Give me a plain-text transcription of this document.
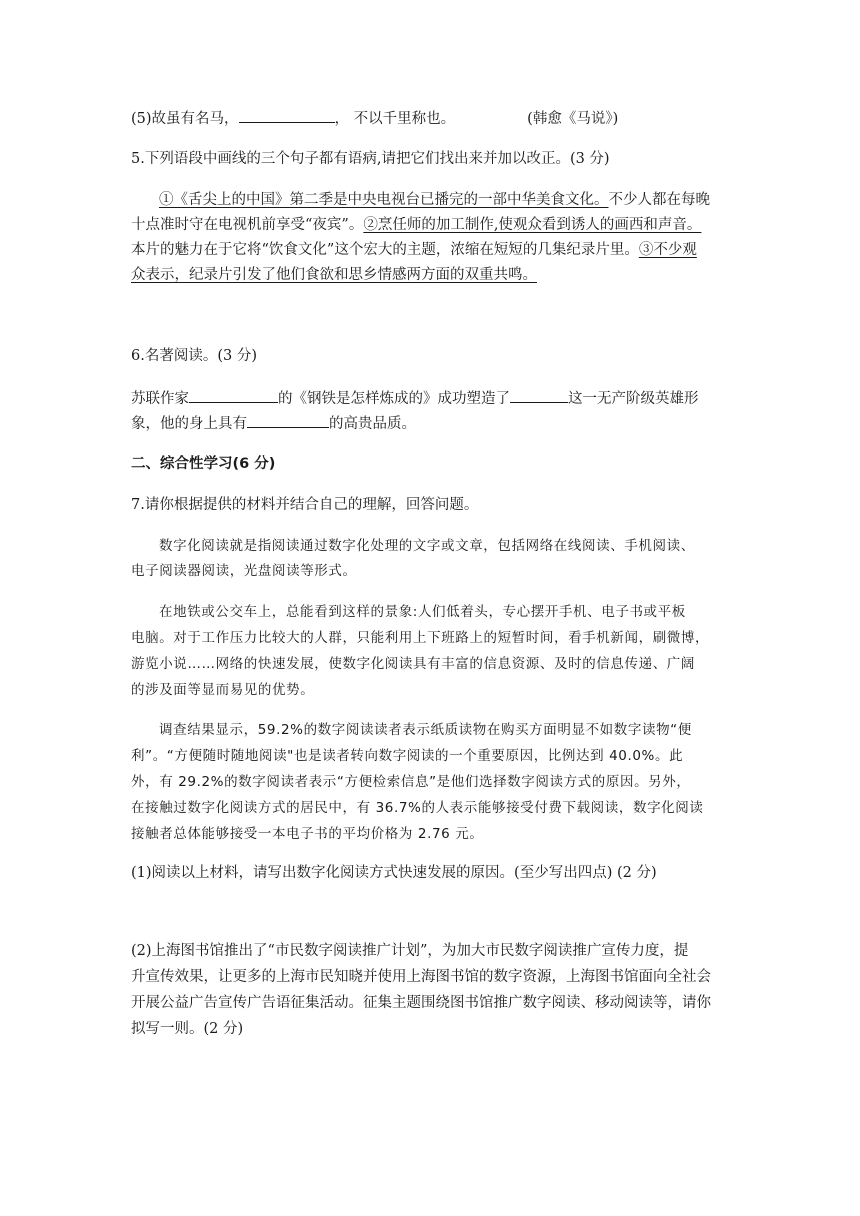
(5)故虽有名马，	， 不以千里称也。	(韩愈《马说》)
5.下列语段中画线的三个句子都有语病,请把它们找出来并加以改正。(3 分)
①《舌尖上的中国》第二季是中央电视台已播完的一部中华美食文化。不少人都在每晚
十点准时守在电视机前享受“夜宾”。②烹任师的加工制作,使观众看到诱人的画西和声音。
本片的魅力在于它将“饮食文化”这个宏大的主题，浓缩在短短的几集纪录片里。③不少观
众表示，纪录片引发了他们食欲和思乡情感两方面的双重共鸣。
6.名著阅读。(3 分)
苏联作家	的《钢铁是怎样炼成的》成功塑造了	这一无产阶级英雄形
象，他的身上具有	的高贵品质。
二、综合性学习(6 分)
7.请你根据提供的材料并结合自己的理解，回答问题。
数字化阅读就是指阅读通过数字化处理的文字或文章，包括网络在线阅读、手机阅读、
电子阅读器阅读，光盘阅读等形式。
在地铁或公交车上，总能看到这样的景象:人们低着头，专心摆开手机、电子书或平板
电脑。对于工作压力比较大的人群，只能利用上下班路上的短暂时间，看手机新闻，刷微博，
游览小说……网络的快速发展，使数字化阅读具有丰富的信息资源、及时的信息传递、广阔
的涉及面等显而易见的优势。
调查结果显示，59.2%的数字阅读读者表示纸质读物在购买方面明显不如数字读物“便
利”。“方便随时随地阅读"也是读者转向数字阅读的一个重要原因，比例达到 40.0%。此
外，有 29.2%的数字阅读者表示“方便检索信息”是他们选择数字阅读方式的原因。另外，
在接触过数字化阅读方式的居民中，有 36.7%的人表示能够接受付费下载阅读，数字化阅读
接触者总体能够接受一本电子书的平均价格为 2.76 元。
(1)阅读以上材料，请写出数字化阅读方式快速发展的原因。(至少写出四点) (2 分)
(2)上海图书馆推出了“市民数字阅读推广计划”，为加大市民数字阅读推广宣传力度，提
升宣传效果，让更多的上海市民知晓并使用上海图书馆的数字资源，上海图书馆面向全社会
开展公益广告宣传广告语征集活动。征集主题围绕图书馆推广数字阅读、移动阅读等，请你
拟写一则。(2 分)
